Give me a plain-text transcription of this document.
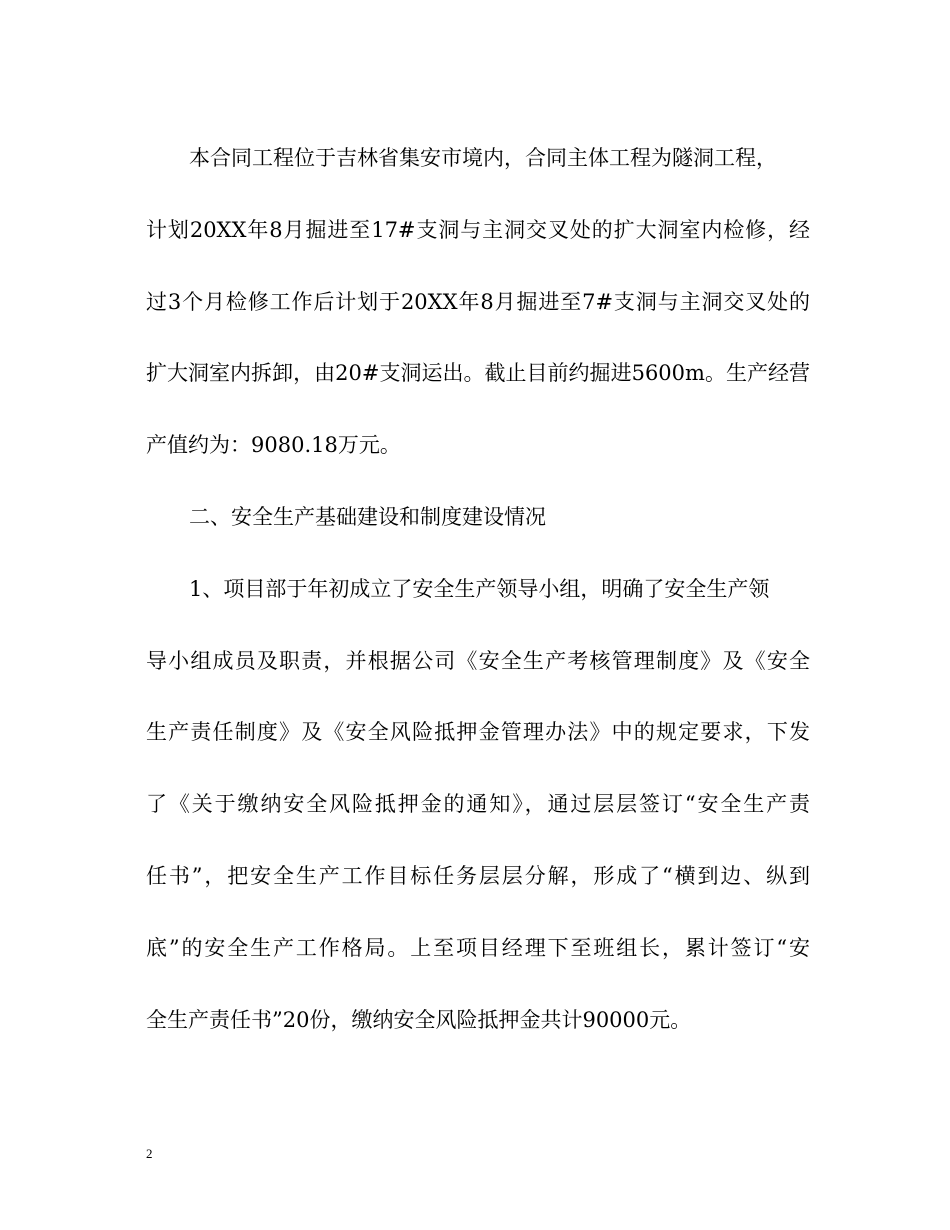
本合同工程位于吉林省集安市境内，合同主体工程为隧洞工程，
计划20XX年8月掘进至17#支洞与主洞交叉处的扩大洞室内检修，经
过3个月检修工作后计划于20XX年8月掘进至7#支洞与主洞交叉处的
扩大洞室内拆卸，由20#支洞运出。截止目前约掘进5600m。生产经营
产值约为：9080.18万元。
二、安全生产基础建设和制度建设情况
1、项目部于年初成立了安全生产领导小组，明确了安全生产领
导小组成员及职责，并根据公司《安全生产考核管理制度》及《安全
生产责任制度》及《安全风险抵押金管理办法》中的规定要求，下发
了《关于缴纳安全风险抵押金的通知》，通过层层签订“安全生产责
任书”，把安全生产工作目标任务层层分解，形成了“横到边、纵到
底”的安全生产工作格局。上至项目经理下至班组长，累计签订“安
全生产责任书”20份，缴纳安全风险抵押金共计90000元。
2
